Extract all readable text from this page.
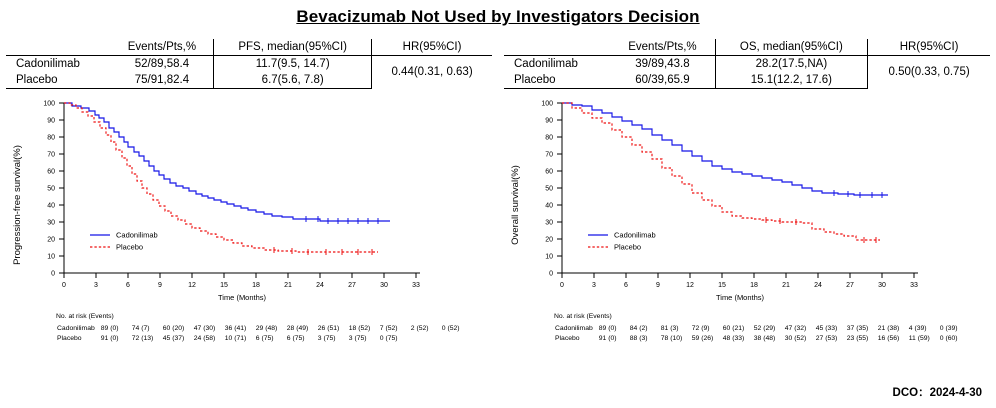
Bevacizumab Not Used by Investigators Decision
	Events/Pts,%	PFS, median(95%CI)	HR(95%CI)
Cadonilimab	52/89,58.4	11.7(9.5, 14.7)	0.44(0.31, 0.63)
Placebo	75/91,82.4	6.7(5.6, 7.8)	
Progression-free survival(%)
100
90
80
70
60
50
40
30
20
10
0
0	3	6	9	12	15	18	21	24	27	30	33
Time (Months)
Cadonilimab
Placebo
No. at risk (Events)
Cadonilimab	89 (0)	74 (7)	60 (20)	47 (30)	36 (41)	29 (48)	28 (49)	26 (51)	18 (52)	7 (52)	2 (52)	0 (52)
Placebo	91 (0)	72 (13)	45 (37)	24 (58)	10 (71)	6 (75)	6 (75)	3 (75)	3 (75)	0 (75)		
	Events/Pts,%	OS, median(95%CI)	HR(95%CI)
Cadonilimab	39/89,43.8	28.2(17.5,NA)	0.50(0.33, 0.75)
Placebo	60/39,65.9	15.1(12.2, 17.6)	
Overall survival(%)
100
90
80
70
60
50
40
30
20
10
0
0	3	6	9	12	15	18	21	24	27	30	33
Time (Months)
Cadonilimab
Placebo
No. at risk (Events)
Cadonilimab	89 (0)	84 (2)	81 (3)	72 (9)	60 (21)	52 (29)	47 (32)	45 (33)	37 (35)	21 (38)	4 (39)	0 (39)
Placebo	91 (0)	88 (3)	78 (10)	59 (26)	48 (33)	38 (48)	30 (52)	27 (53)	23 (55)	16 (56)	11 (59)	0 (60)
DCO：2024-4-30
